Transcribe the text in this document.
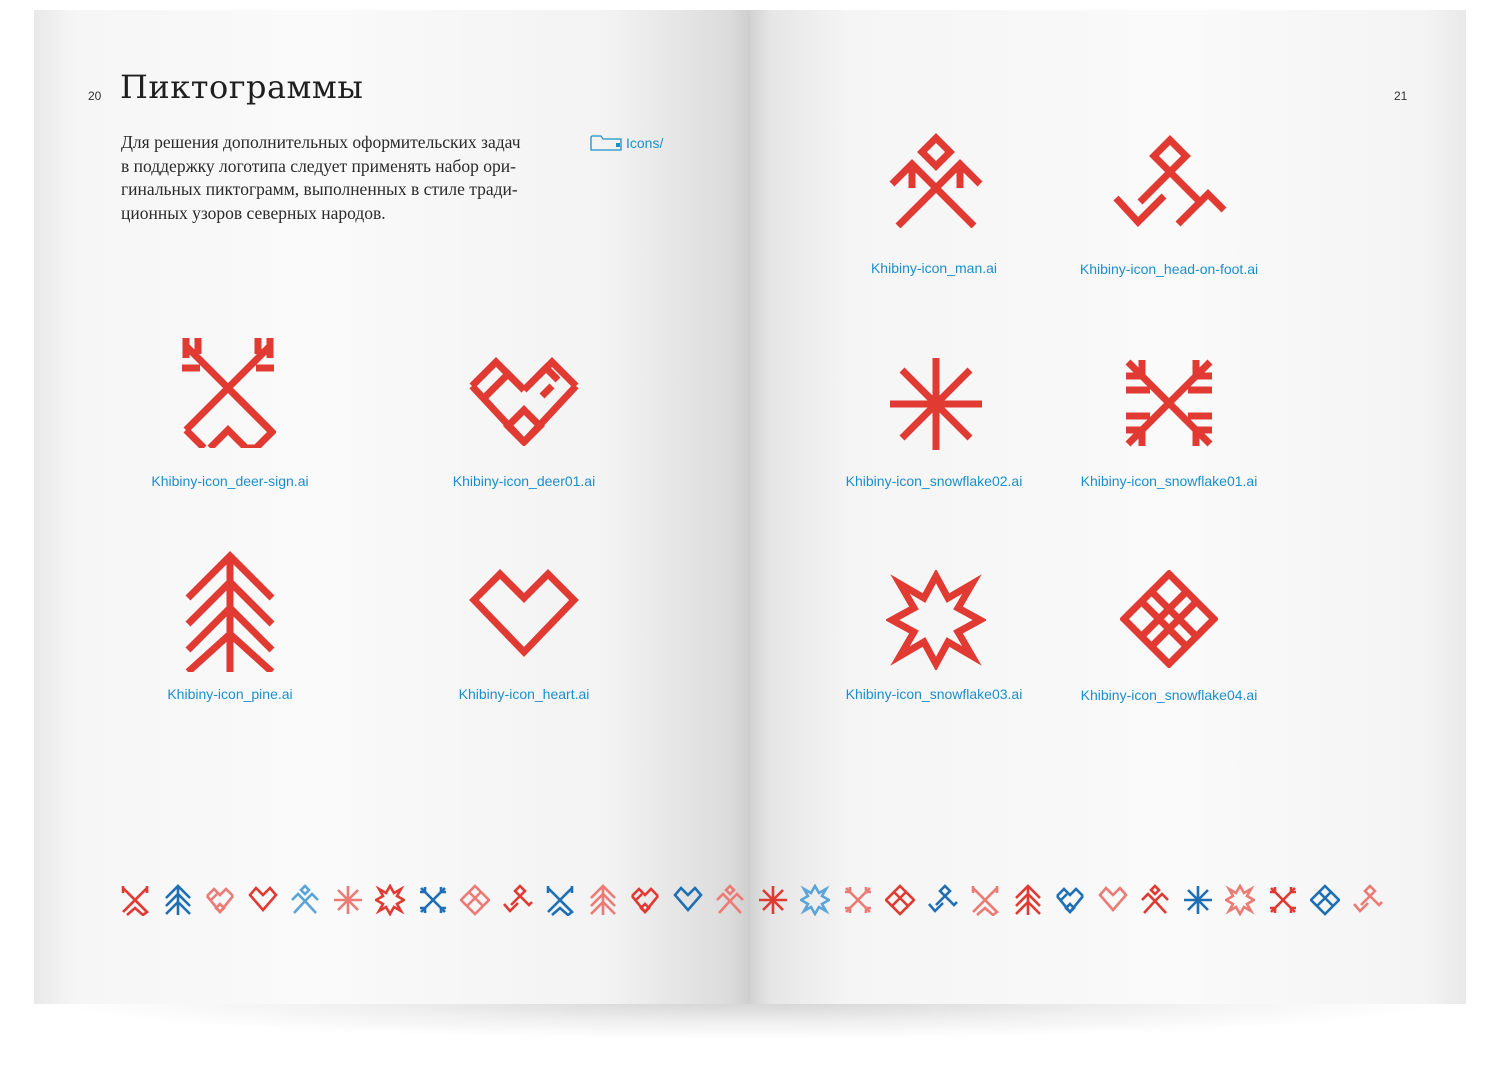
20 Пиктограммы
Для решения дополнительных оформительских задач
в поддержку логотипа следует применять набор ори-
гинальных пиктограмм, выполненных в стиле тради-
ционных узоров северных народов.
Icons/
Khibiny-icon_deer-sign.ai	Khibiny-icon_deer01.ai
Khibiny-icon_pine.ai	Khibiny-icon_heart.ai
21
Khibiny-icon_man.ai	Khibiny-icon_head-on-foot.ai
Khibiny-icon_snowflake02.ai	Khibiny-icon_snowflake01.ai
Khibiny-icon_snowflake03.ai	Khibiny-icon_snowflake04.ai
